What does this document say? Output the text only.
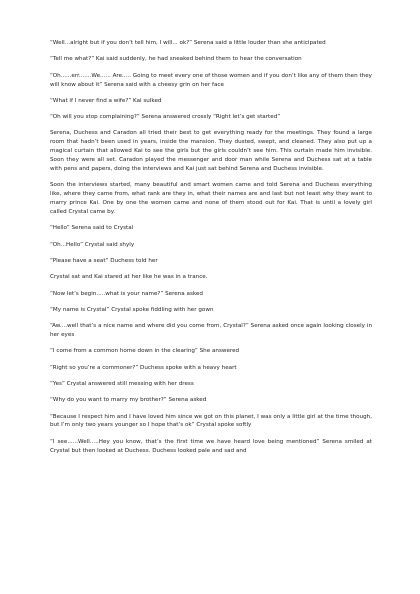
“Well...alright but if you don’t tell him, I will... ok?” Serena said a little louder than she anticipated

“Tell me what?” Kai said suddenly, he had sneaked behind them to hear the conversation

“Oh......err.......We...... Are..... Going to meet every one of those women and if you don’t like any of them then they will know about it” Serena said with a cheesy grin on her face

“What if I never find a wife?” Kai sulked

“Oh will you stop complaining?” Serena answered crossly “Right let’s get started”

Serena, Duchess and Caradon all tried their best to get everything ready for the meetings. They found a large room that hadn’t been used in years, inside the mansion. They dusted, swept, and cleaned. They also put up a magical curtain that allowed Kai to see the girls but the girls couldn’t see him. This curtain made him invisible. Soon they were all set. Caradon played the messenger and door man while Serena and Duchess sat at a table with pens and papers, doing the interviews and Kai just sat behind Serena and Duchess invisible.

Soon the interviews started, many beautiful and smart women came and told Serena and Duchess everything like, where they came from, what rank are they in, what their names are and last but not least why they want to marry prince Kai. One by one the women came and none of them stood out for Kai. That is until a lovely girl called Crystal came by.

“Hello” Serena said to Crystal

“Oh...Hello” Crystal said shyly

“Please have a seat” Duchess told her

Crystal sat and Kai stared at her like he was in a trance.

“Now let’s begin.....what is your name?” Serena asked

“My name is Crystal” Crystal spoke fiddling with her gown

“Aw....well that’s a nice name and where did you come from, Crystal?” Serena asked once again looking closely in her eyes

“I come from a common home down in the clearing” She answered

“Right so you’re a commoner?” Duchess spoke with a heavy heart

“Yes” Crystal answered still messing with her dress

“Why do you want to marry my brother?” Serena asked

“Because I respect him and I have loved him since we got on this planet, I was only a little girl at the time though, but I’m only two years younger so I hope that’s ok” Crystal spoke softly

“I see......Well.....Hey you know, that’s the first time we have heard love being mentioned” Serena smiled at Crystal but then looked at Duchess. Duchess looked pale and sad and
